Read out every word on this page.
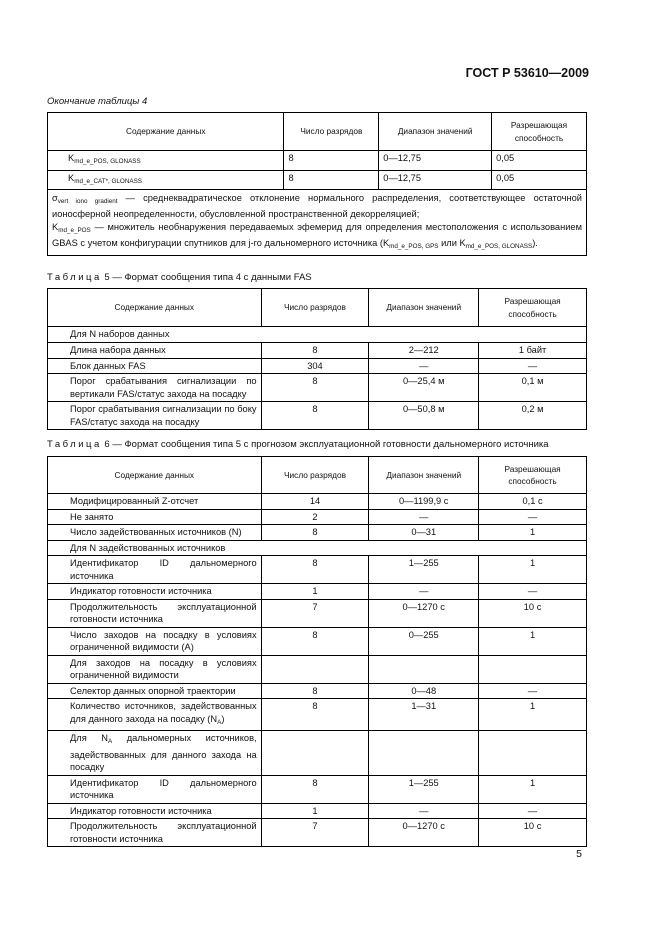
ГОСТ Р 53610—2009
Окончание таблицы 4
Содержание данных	Число разрядов	Диапазон значений	Разрешающая способность
$K_{md\_e\_POS, GLONASS}$	8	0—12,75	0,05
$K_{md\_e\_CAT*, GLONASS}$	8	0—12,75	0,05
$\sigma_{vert iono gradient}$ — среднеквадратическое отклонение нормального распределения, соответствующее остаточной ионосферной неопределенности, обусловленной пространственной декорреляцией;
$K_{md\_e\_POS}$ — множитель необнаружения передаваемых эфемерид для определения местоположения с использованием GBAS с учетом конфигурации спутников для j-го дальномерного источника ($K_{md\_e\_POS, GPS}$ или $K_{md\_e\_POS, GLONASS}$).			
Таблица 5 — Формат сообщения типа 4 с данными FAS
Содержание данных	Число разрядов	Диапазон значений	Разрешающая способность
Для N наборов данных			
Длина набора данных	8	2—212	1 байт
Блок данных FAS	304	—	—
Порог срабатывания сигнализации по вертикали FAS/статус захода на посадку	8	0—25,4 м	0,1 м
Порог срабатывания сигнализации по боку FAS/статус захода на посадку	8	0—50,8 м	0,2 м
Таблица 6 — Формат сообщения типа 5 с прогнозом эксплуатационной готовности дальномерного источника
Содержание данных	Число разрядов	Диапазон значений	Разрешающая способность
Модифицированный Z-отсчет	14	0—1199,9 с	0,1 с
Не занято	2	—	—
Число задействованных источников (N)	8	0—31	1
Для N задействованных источников			
Идентификатор ID дальномерного источника	8	1—255	1
Индикатор готовности источника	1	—	—
Продолжительность эксплуатационной готовности источника	7	0—1270 с	10 с
Число заходов на посадку в условиях ограниченной видимости (А)	8	0—255	1
Для заходов на посадку в условиях ограниченной видимости			
Селектор данных опорной траектории	8	0—48	—
Количество источников, задействованных для данного захода на посадку $(N_A)$	8	1—31	1
Для $N_A$ дальномерных источников, задействованных для данного захода на посадку			
Идентификатор ID дальномерного источника	8	1—255	1
Индикатор готовности источника	1	—	—
Продолжительность эксплуатационной готовности источника	7	0—1270 с	10 с
5
